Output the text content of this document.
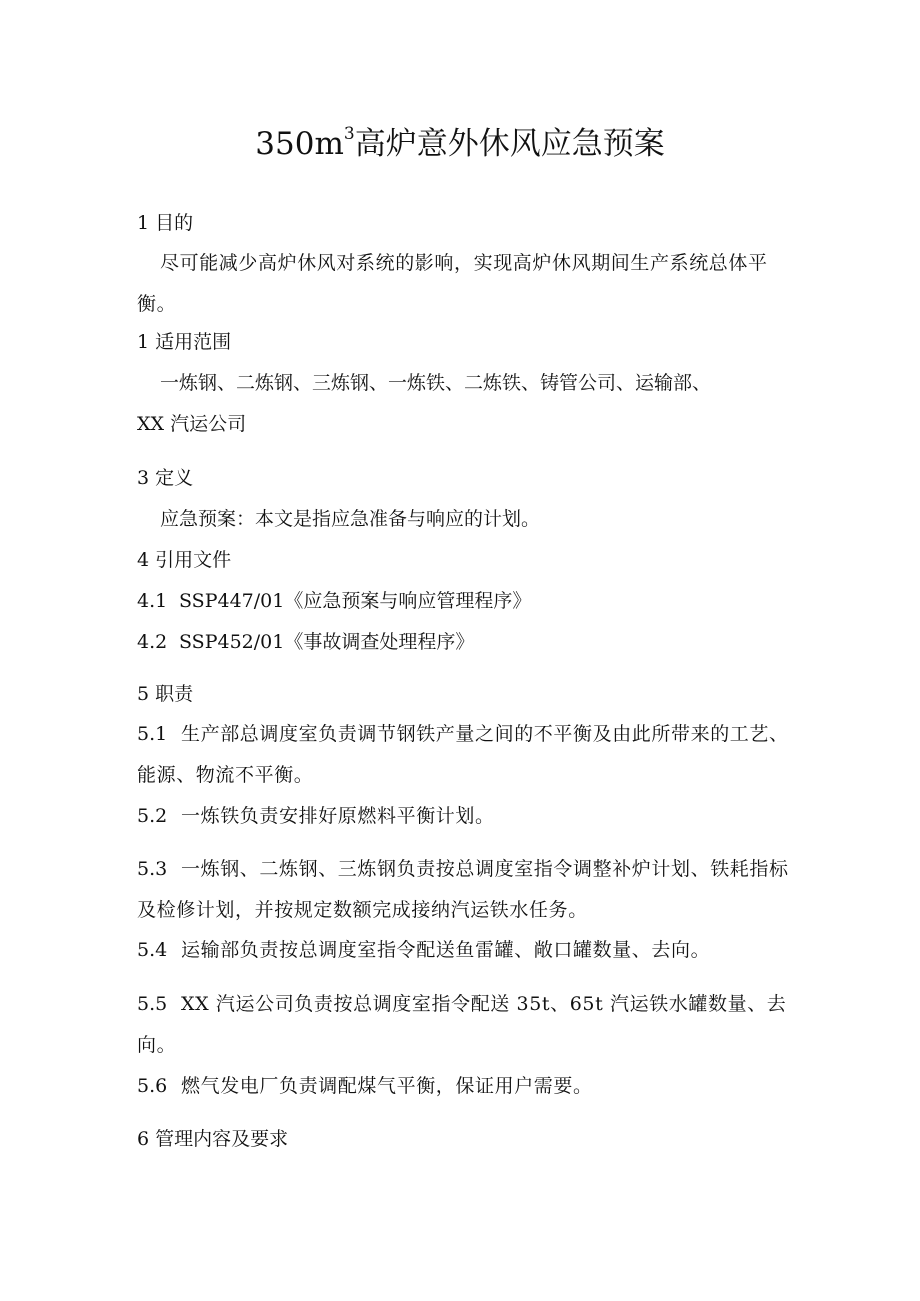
$350m^3$高炉意外休风应急预案
1 目的
尽可能减少高炉休风对系统的影响，实现高炉休风期间生产系统总体平衡。
1 适用范围
一炼钢、二炼钢、三炼钢、一炼铁、二炼铁、铸管公司、运输部、
XX 汽运公司
3 定义
应急预案：本文是指应急准备与响应的计划。
4 引用文件
4.1 SSP447/01《应急预案与响应管理程序》
4.2 SSP452/01《事故调查处理程序》
5 职责
5.1 生产部总调度室负责调节钢铁产量之间的不平衡及由此所带来的工艺、能源、物流不平衡。
5.2 一炼铁负责安排好原燃料平衡计划。
5.3 一炼钢、二炼钢、三炼钢负责按总调度室指令调整补炉计划、铁耗指标及检修计划，并按规定数额完成接纳汽运铁水任务。
5.4 运输部负责按总调度室指令配送鱼雷罐、敞口罐数量、去向。
5.5 XX 汽运公司负责按总调度室指令配送 35t、65t 汽运铁水罐数量、去向。
5.6 燃气发电厂负责调配煤气平衡，保证用户需要。
6 管理内容及要求
